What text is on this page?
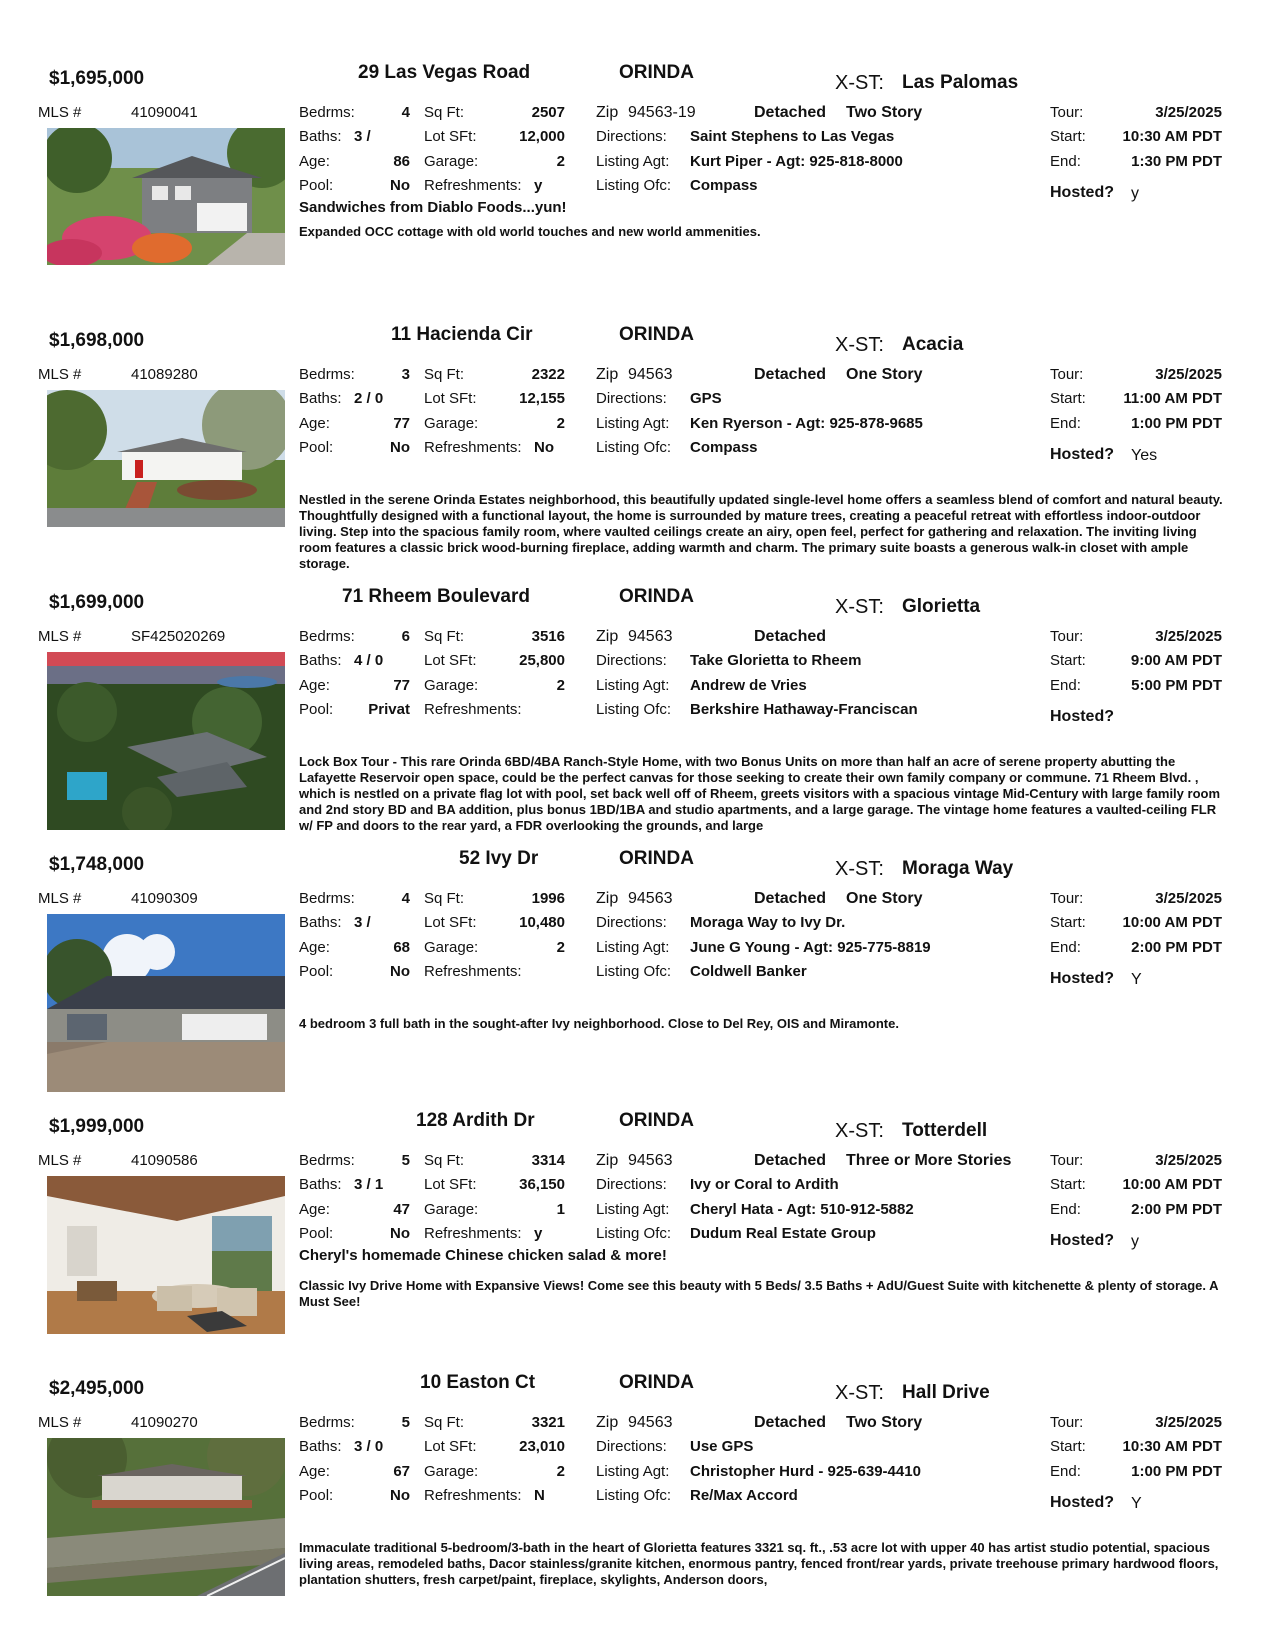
$1,695,000	29 Las Vegas Road	ORINDA	X-ST: Las Palomas
MLS #	41090041	Bedrms:	4
Baths: 3 /
Age:	86
Pool:	No
Sq Ft:	2507
Lot SFt:	12,000
Garage:	2
Refreshments: y
Zip 94563-19	Detached Two Story
Directions: Saint Stephens to Las Vegas
Listing Agt: Kurt Piper - Agt: 925-818-8000
Listing Ofc: Compass
Tour:	3/25/2025
Start:	10:30 AM PDT
End:	1:30 PM PDT
Hosted? y
Sandwiches from Diablo Foods...yun!
Expanded OCC cottage with old world touches and new world ammenities.
$1,698,000	11 Hacienda Cir	ORINDA	X-ST: Acacia
MLS #	41089280	Bedrms:	3
Baths: 2 / 0
Age:	77
Pool:	No
Sq Ft:	2322
Lot SFt:	12,155
Garage:	2
Refreshments: No
Zip 94563	Detached One Story
Directions: GPS
Listing Agt: Ken Ryerson - Agt: 925-878-9685
Listing Ofc: Compass
Tour:	3/25/2025
Start:	11:00 AM PDT
End:	1:00 PM PDT
Hosted? Yes
Nestled in the serene Orinda Estates neighborhood, this beautifully updated single-level home offers a seamless blend of comfort and natural beauty. Thoughtfully designed with a functional layout, the home is surrounded by mature trees, creating a peaceful retreat with effortless indoor-outdoor living. Step into the spacious family room, where vaulted ceilings create an airy, open feel, perfect for gathering and relaxation. The inviting living room features a classic brick wood-burning fireplace, adding warmth and charm. The primary suite boasts a generous walk-in closet with ample storage.
$1,699,000	71 Rheem Boulevard	ORINDA	X-ST: Glorietta
MLS #	SF425020269	Bedrms:	6
Baths: 4 / 0
Age:	77
Pool:	Privat
Sq Ft:	3516
Lot SFt:	25,800
Garage:	2
Refreshments:
Zip 94563	Detached
Directions: Take Glorietta to Rheem
Listing Agt: Andrew de Vries
Listing Ofc: Berkshire Hathaway-Franciscan
Tour:	3/25/2025
Start:	9:00 AM PDT
End:	5:00 PM PDT
Hosted?
Lock Box Tour - This rare Orinda 6BD/4BA Ranch-Style Home, with two Bonus Units on more than half an acre of serene property abutting the Lafayette Reservoir open space, could be the perfect canvas for those seeking to create their own family company or commune. 71 Rheem Blvd. , which is nestled on a private flag lot with pool, set back well off of Rheem, greets visitors with a spacious vintage Mid-Century with large family room and 2nd story BD and BA addition, plus bonus 1BD/1BA and studio apartments, and a large garage. The vintage home features a vaulted-ceiling FLR w/ FP and doors to the rear yard, a FDR overlooking the grounds, and large
$1,748,000	52 Ivy Dr	ORINDA	X-ST: Moraga Way
MLS #	41090309	Bedrms:	4
Baths: 3 /
Age:	68
Pool:	No
Sq Ft:	1996
Lot SFt:	10,480
Garage:	2
Refreshments:
Zip 94563	Detached One Story
Directions: Moraga Way to Ivy Dr.
Listing Agt: June G Young - Agt: 925-775-8819
Listing Ofc: Coldwell Banker
Tour:	3/25/2025
Start:	10:00 AM PDT
End:	2:00 PM PDT
Hosted? Y
4 bedroom 3 full bath in the sought-after Ivy neighborhood. Close to Del Rey, OIS and Miramonte.
$1,999,000	128 Ardith Dr	ORINDA	X-ST: Totterdell
MLS #	41090586	Bedrms:	5
Baths: 3 / 1
Age:	47
Pool:	No
Sq Ft:	3314
Lot SFt:	36,150
Garage:	1
Refreshments: y
Zip 94563	Detached Three or More Stories
Directions: Ivy or Coral to Ardith
Listing Agt: Cheryl Hata - Agt: 510-912-5882
Listing Ofc: Dudum Real Estate Group
Tour:	3/25/2025
Start:	10:00 AM PDT
End:	2:00 PM PDT
Hosted? y
Cheryl's homemade Chinese chicken salad & more!
Classic Ivy Drive Home with Expansive Views! Come see this beauty with 5 Beds/ 3.5 Baths + AdU/Guest Suite with kitchenette & plenty of storage. A Must See!
$2,495,000	10 Easton Ct	ORINDA	X-ST: Hall Drive
MLS #	41090270	Bedrms:	5
Baths: 3 / 0
Age:	67
Pool:	No
Sq Ft:	3321
Lot SFt:	23,010
Garage:	2
Refreshments: N
Zip 94563	Detached Two Story
Directions: Use GPS
Listing Agt: Christopher Hurd - 925-639-4410
Listing Ofc: Re/Max Accord
Tour:	3/25/2025
Start:	10:30 AM PDT
End:	1:00 PM PDT
Hosted? Y
Immaculate traditional 5-bedroom/3-bath in the heart of Glorietta features 3321 sq. ft., .53 acre lot with upper 40 has artist studio potential, spacious living areas, remodeled baths, Dacor stainless/granite kitchen, enormous pantry, fenced front/rear yards, private treehouse primary hardwood floors, plantation shutters, fresh carpet/paint, fireplace, skylights, Anderson doors,
